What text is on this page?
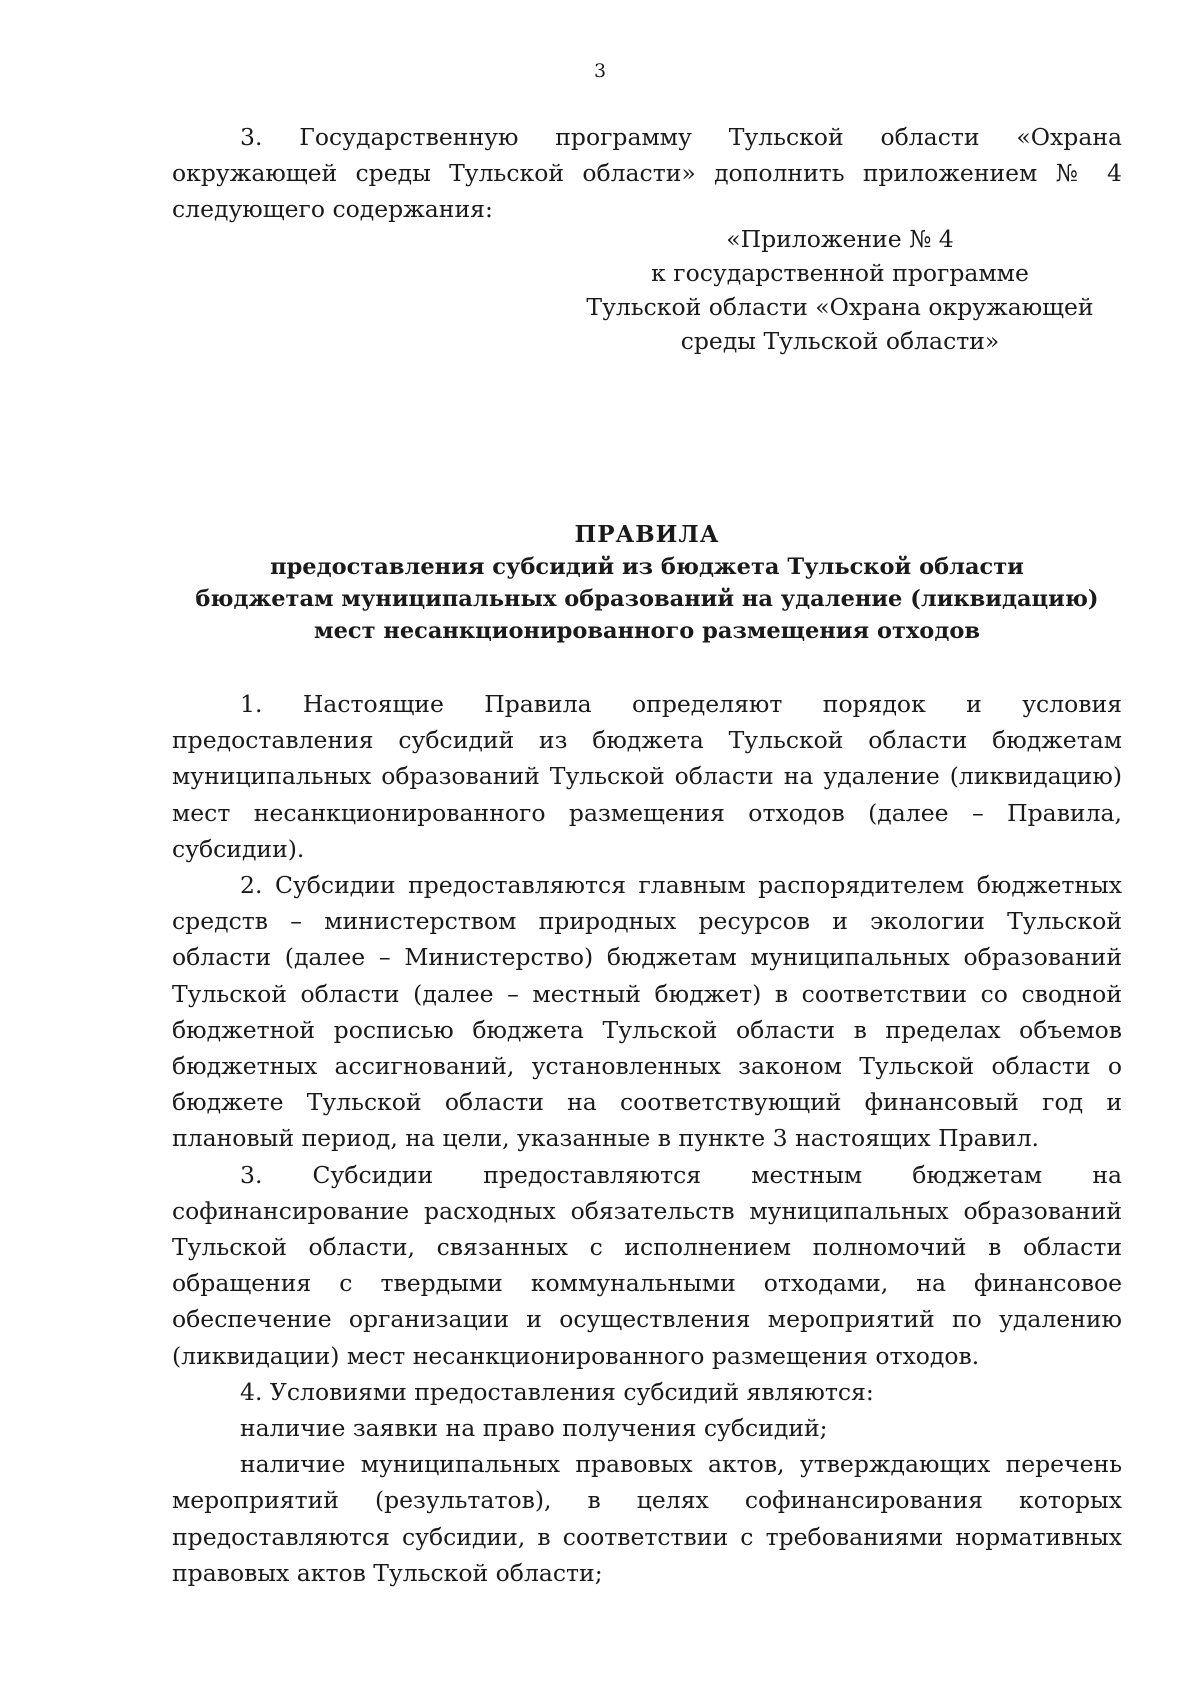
3

3. Государственную программу Тульской области «Охрана окружающей среды Тульской области» дополнить приложением № 4 следующего содержания:

«Приложение № 4
к государственной программе
Тульской области «Охрана окружающей
среды Тульской области»
ПРАВИЛА
предоставления субсидий из бюджета Тульской области
бюджетам муниципальных образований на удаление (ликвидацию)
мест несанкционированного размещения отходов

1. Настоящие Правила определяют порядок и условия предоставления субсидий из бюджета Тульской области бюджетам муниципальных образований Тульской области на удаление (ликвидацию) мест несанкционированного размещения отходов (далее – Правила, субсидии).

2. Субсидии предоставляются главным распорядителем бюджетных средств – министерством природных ресурсов и экологии Тульской области (далее – Министерство) бюджетам муниципальных образований Тульской области (далее – местный бюджет) в соответствии со сводной бюджетной росписью бюджета Тульской области в пределах объемов бюджетных ассигнований, установленных законом Тульской области о бюджете Тульской области на соответствующий финансовый год и плановый период, на цели, указанные в пункте 3 настоящих Правил.

3. Субсидии предоставляются местным бюджетам на софинансирование расходных обязательств муниципальных образований Тульской области, связанных с исполнением полномочий в области обращения с твердыми коммунальными отходами, на финансовое обеспечение организации и осуществления мероприятий по удалению (ликвидации) мест несанкционированного размещения отходов.

4. Условиями предоставления субсидий являются:

наличие заявки на право получения субсидий;

наличие муниципальных правовых актов, утверждающих перечень мероприятий (результатов), в целях софинансирования которых предоставляются субсидии, в соответствии с требованиями нормативных правовых актов Тульской области;
